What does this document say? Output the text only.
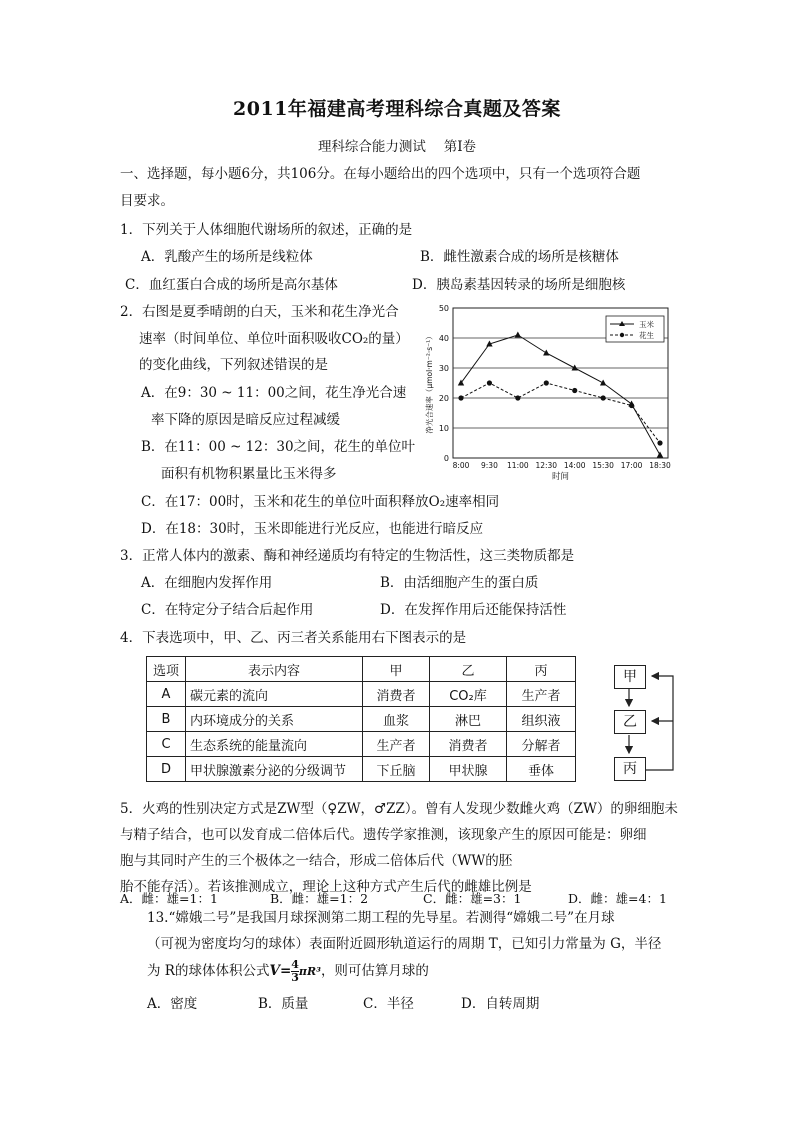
2011年福建高考理科综合真题及答案
理科综合能力测试　 第Ⅰ卷
一、选择题，每小题6分，共106分。在每小题给出的四个选项中，只有一个选项符合题
目要求。
1．下列关于人体细胞代谢场所的叙述，正确的是
A．乳酸产生的场所是线粒体	B．雌性激素合成的场所是核糖体
C．血红蛋白合成的场所是高尔基体	D．胰岛素基因转录的场所是细胞核
2．右图是夏季晴朗的白天，玉米和花生净光合
速率（时间单位、单位叶面积吸收CO₂的量）
的变化曲线，下列叙述错误的是
A．在9：30 ~ 11：00之间，花生净光合速
率下降的原因是暗反应过程减缓
B．在11：00 ~ 12：30之间，花生的单位叶
面积有机物积累量比玉米得多
C．在17：00时，玉米和花生的单位叶面积释放O₂速率相同
D．在18：30时，玉米即能进行光反应，也能进行暗反应
0
10
20
30
40
50
8:00 9:30 11:00 12:30 14:00 15:30 17:00 18:30
时间
净光合速率（μmol·m⁻²·s⁻¹）
玉米
花生
3．正常人体内的激素、酶和神经递质均有特定的生物活性，这三类物质都是
A．在细胞内发挥作用	B．由活细胞产生的蛋白质
C．在特定分子结合后起作用	D．在发挥作用后还能保持活性
4．下表选项中，甲、乙、丙三者关系能用右下图表示的是
选项	表示内容	甲	乙	丙
A	碳元素的流向	消费者	CO₂库	生产者
B	内环境成分的关系	血浆	淋巴	组织液
C	生态系统的能量流向	生产者	消费者	分解者
D	甲状腺激素分泌的分级调节	下丘脑	甲状腺	垂体
甲
乙
丙
5．火鸡的性别决定方式是ZW型（♀ZW，♂ZZ）。曾有人发现少数雌火鸡（ZW）的卵细胞未
与精子结合，也可以发育成二倍体后代。遗传学家推测，该现象产生的原因可能是：卵细
胞与其同时产生的三个极体之一结合，形成二倍体后代（WW的胚
胎不能存活）。若该推测成立，理论上这种方式产生后代的雌雄比例是
A．雌：雄=1：1	B．雌：雄=1：2	C．雌：雄=3：1	D．雌：雄=4：1
13.“嫦娥二号”是我国月球探测第二期工程的先导星。若测得“嫦娥二号”在月球
（可视为密度均匀的球体）表面附近圆形轨道运行的周期 T，已知引力常量为 G，半径
为 R的球体体积公式$V= \frac{4}{3} \pi R^3$，则可估算月球的
A．密度	B．质量	C．半径	D．自转周期
